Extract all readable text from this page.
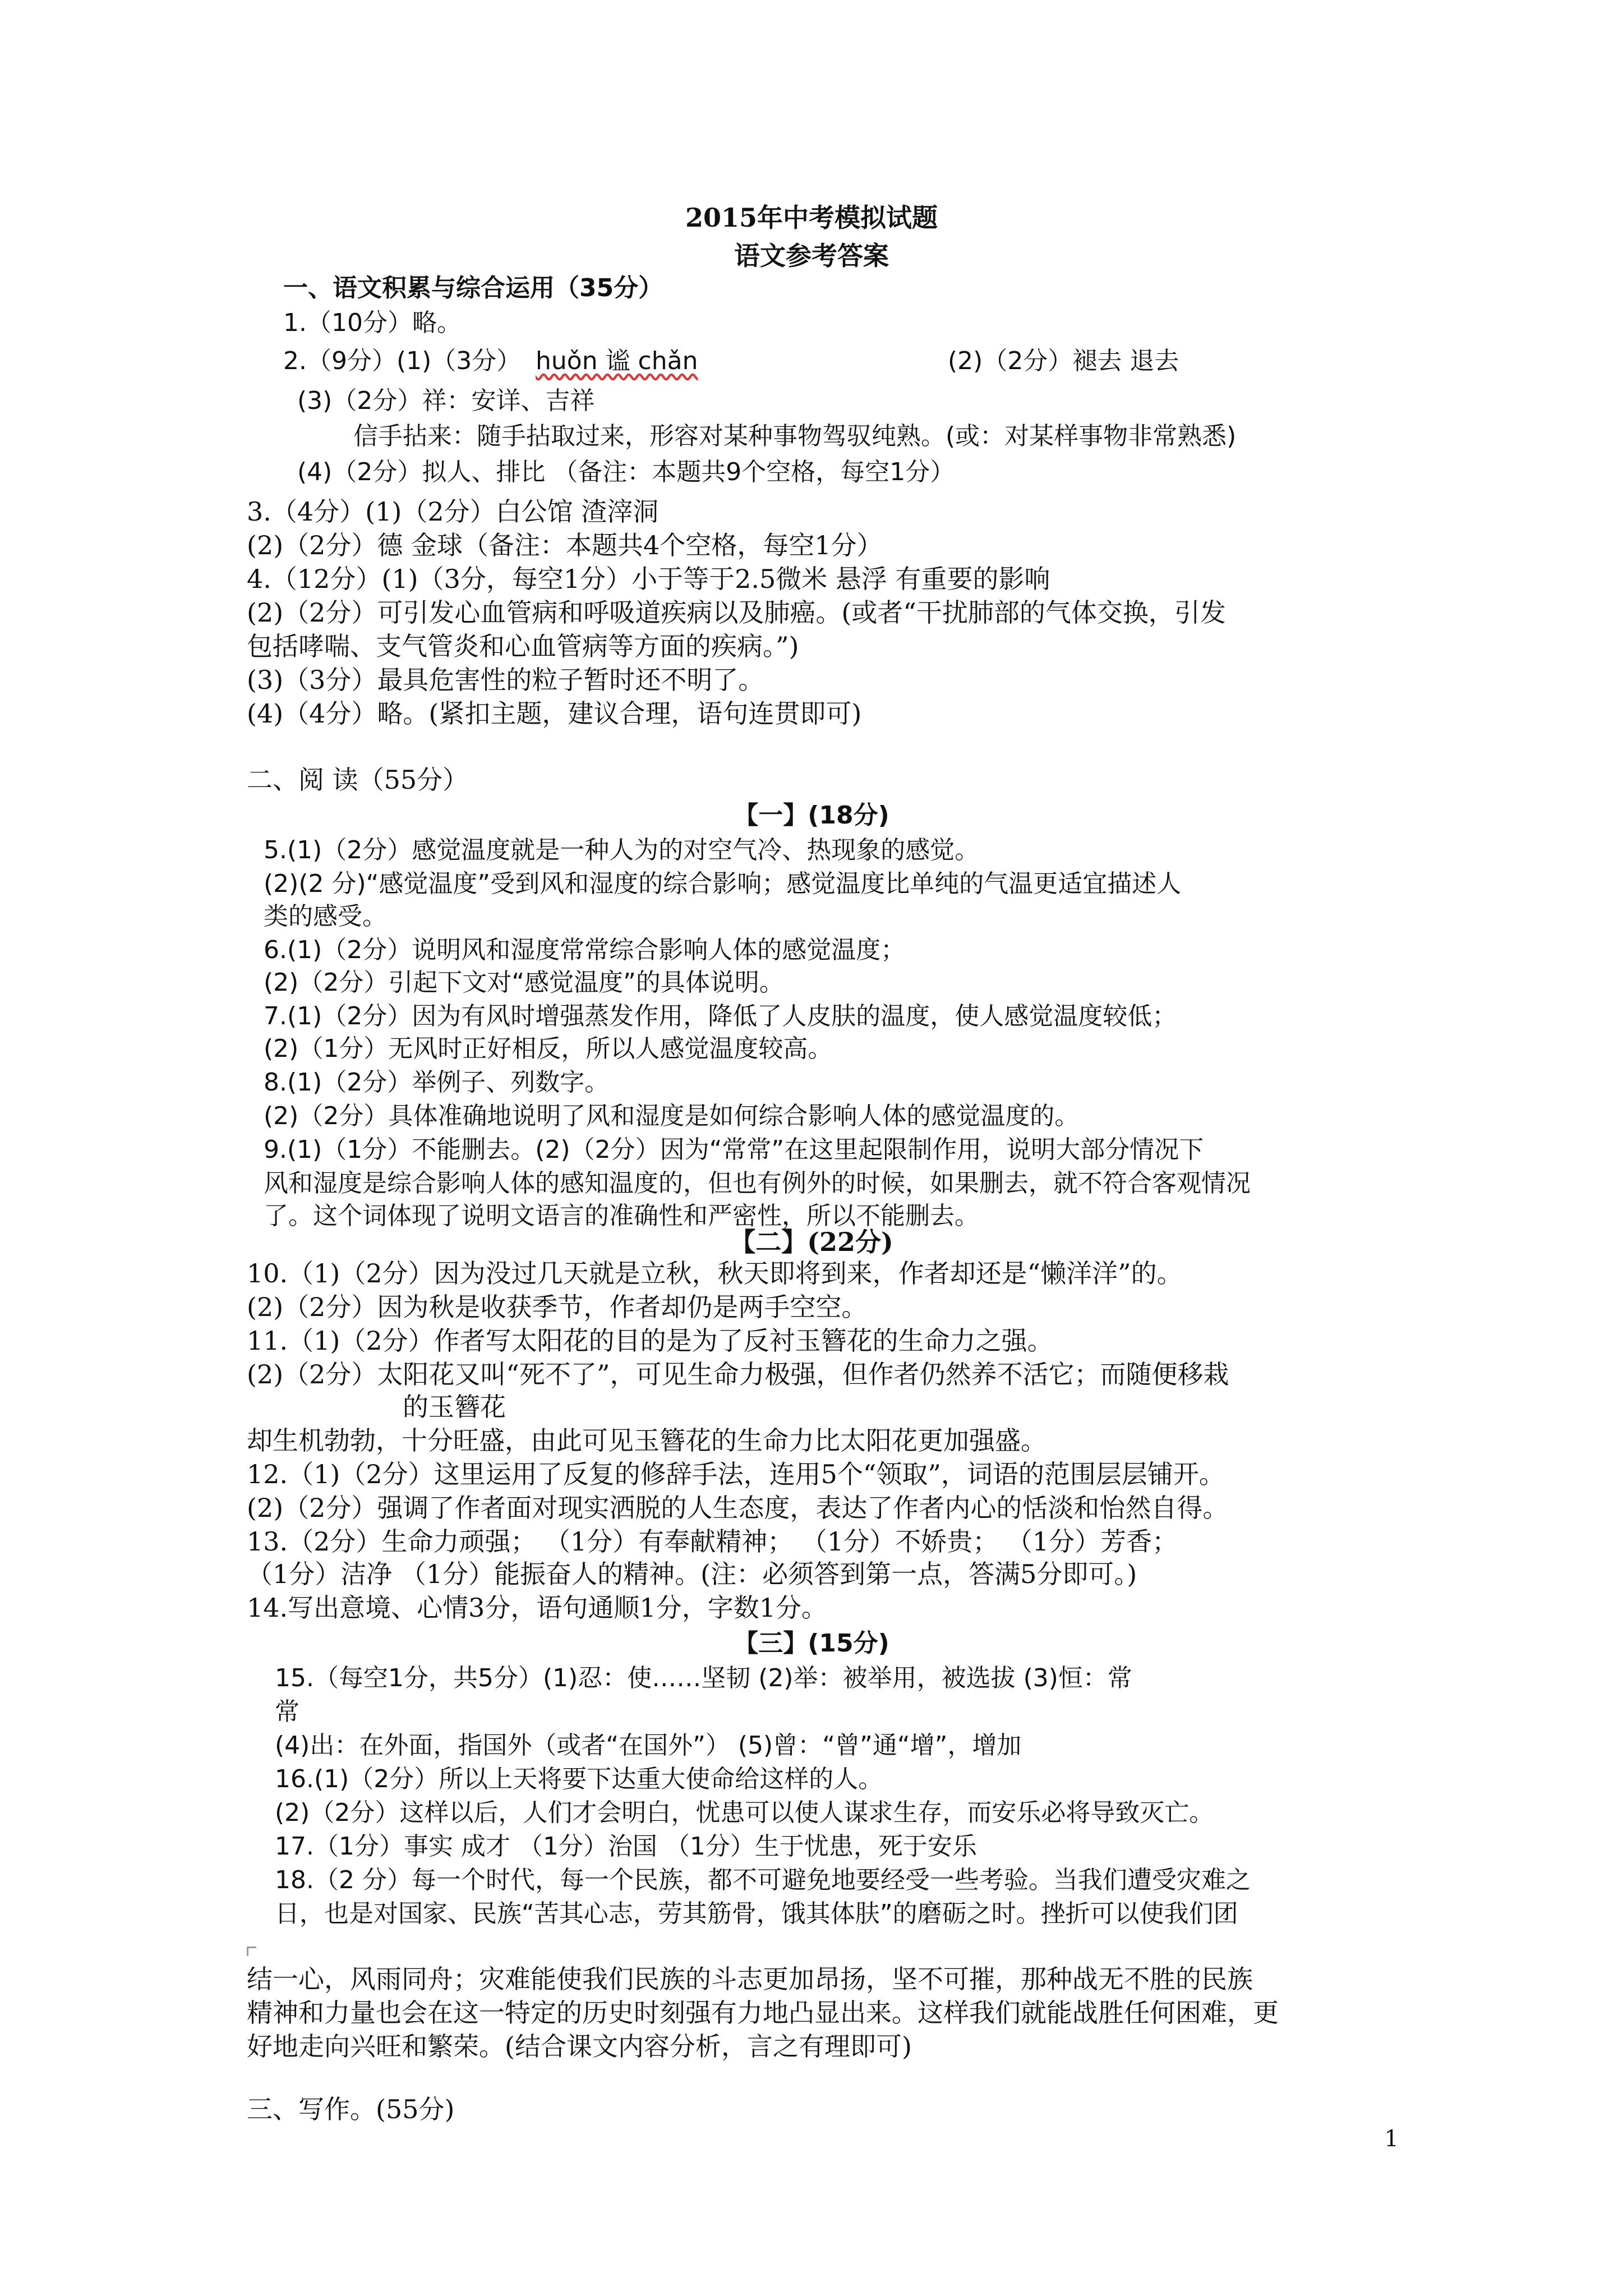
2015年中考模拟试题
语文参考答案
一、语文积累与综合运用（35分）
1.（10分）略。
2.（9分）(1)（3分） huǒn 谧 chǎn	(2)（2分）褪去 退去
(3)（2分）祥：安详、吉祥
信手拈来：随手拈取过来，形容对某种事物驾驭纯熟。(或：对某样事物非常熟悉)
(4)（2分）拟人、排比 （备注：本题共9个空格，每空1分）
3.（4分）(1)（2分）白公馆 渣滓洞
(2)（2分）德 金球（备注：本题共4个空格，每空1分）
4.（12分）(1)（3分，每空1分）小于等于2.5微米 悬浮 有重要的影响
(2)（2分）可引发心血管病和呼吸道疾病以及肺癌。(或者“干扰肺部的气体交换，引发
包括哮喘、支气管炎和心血管病等方面的疾病。”)
(3)（3分）最具危害性的粒子暂时还不明了。
(4)（4分）略。(紧扣主题，建议合理，语句连贯即可)
二、阅 读（55分）
【一】(18分)
5.(1)（2分）感觉温度就是一种人为的对空气冷、热现象的感觉。
(2)(2 分)“感觉温度”受到风和湿度的综合影响；感觉温度比单纯的气温更适宜描述人
类的感受。
6.(1)（2分）说明风和湿度常常综合影响人体的感觉温度；
(2)（2分）引起下文对“感觉温度”的具体说明。
7.(1)（2分）因为有风时增强蒸发作用，降低了人皮肤的温度，使人感觉温度较低；
(2)（1分）无风时正好相反，所以人感觉温度较高。
8.(1)（2分）举例子、列数字。
(2)（2分）具体准确地说明了风和湿度是如何综合影响人体的感觉温度的。
9.(1)（1分）不能删去。(2)（2分）因为“常常”在这里起限制作用，说明大部分情况下
风和湿度是综合影响人体的感知温度的，但也有例外的时候，如果删去，就不符合客观情况
了。这个词体现了说明文语言的准确性和严密性，所以不能删去。
【二】(22分)
10.（1)（2分）因为没过几天就是立秋，秋天即将到来，作者却还是“懒洋洋”的。
(2)（2分）因为秋是收获季节，作者却仍是两手空空。
11.（1)（2分）作者写太阳花的目的是为了反衬玉簪花的生命力之强。
(2)（2分）太阳花又叫“死不了”，可见生命力极强，但作者仍然养不活它；而随便移栽
的玉簪花
却生机勃勃，十分旺盛，由此可见玉簪花的生命力比太阳花更加强盛。
12.（1)（2分）这里运用了反复的修辞手法，连用5个“领取”，词语的范围层层铺开。
(2)（2分）强调了作者面对现实洒脱的人生态度，表达了作者内心的恬淡和怡然自得。
13.（2分）生命力顽强； （1分）有奉献精神； （1分）不娇贵； （1分）芳香；
（1分）洁净 （1分）能振奋人的精神。(注：必须答到第一点，答满5分即可。)
14.写出意境、心情3分，语句通顺1分，字数1分。
【三】(15分)
15.（每空1分，共5分）(1)忍：使……坚韧 (2)举：被举用，被选拔 (3)恒：常
常
(4)出：在外面，指国外（或者“在国外”） (5)曾：“曾”通“增”，增加
16.(1)（2分）所以上天将要下达重大使命给这样的人。
(2)（2分）这样以后，人们才会明白，忧患可以使人谋求生存，而安乐必将导致灭亡。
17.（1分）事实 成才 （1分）治国 （1分）生于忧患，死于安乐
18.（2 分）每一个时代，每一个民族，都不可避免地要经受一些考验。当我们遭受灾难之
日，也是对国家、民族“苦其心志，劳其筋骨，饿其体肤”的磨砺之时。挫折可以使我们团
结一心，风雨同舟；灾难能使我们民族的斗志更加昂扬，坚不可摧，那种战无不胜的民族
精神和力量也会在这一特定的历史时刻强有力地凸显出来。这样我们就能战胜任何困难，更
好地走向兴旺和繁荣。(结合课文内容分析，言之有理即可)
三、写作。(55分)
1
